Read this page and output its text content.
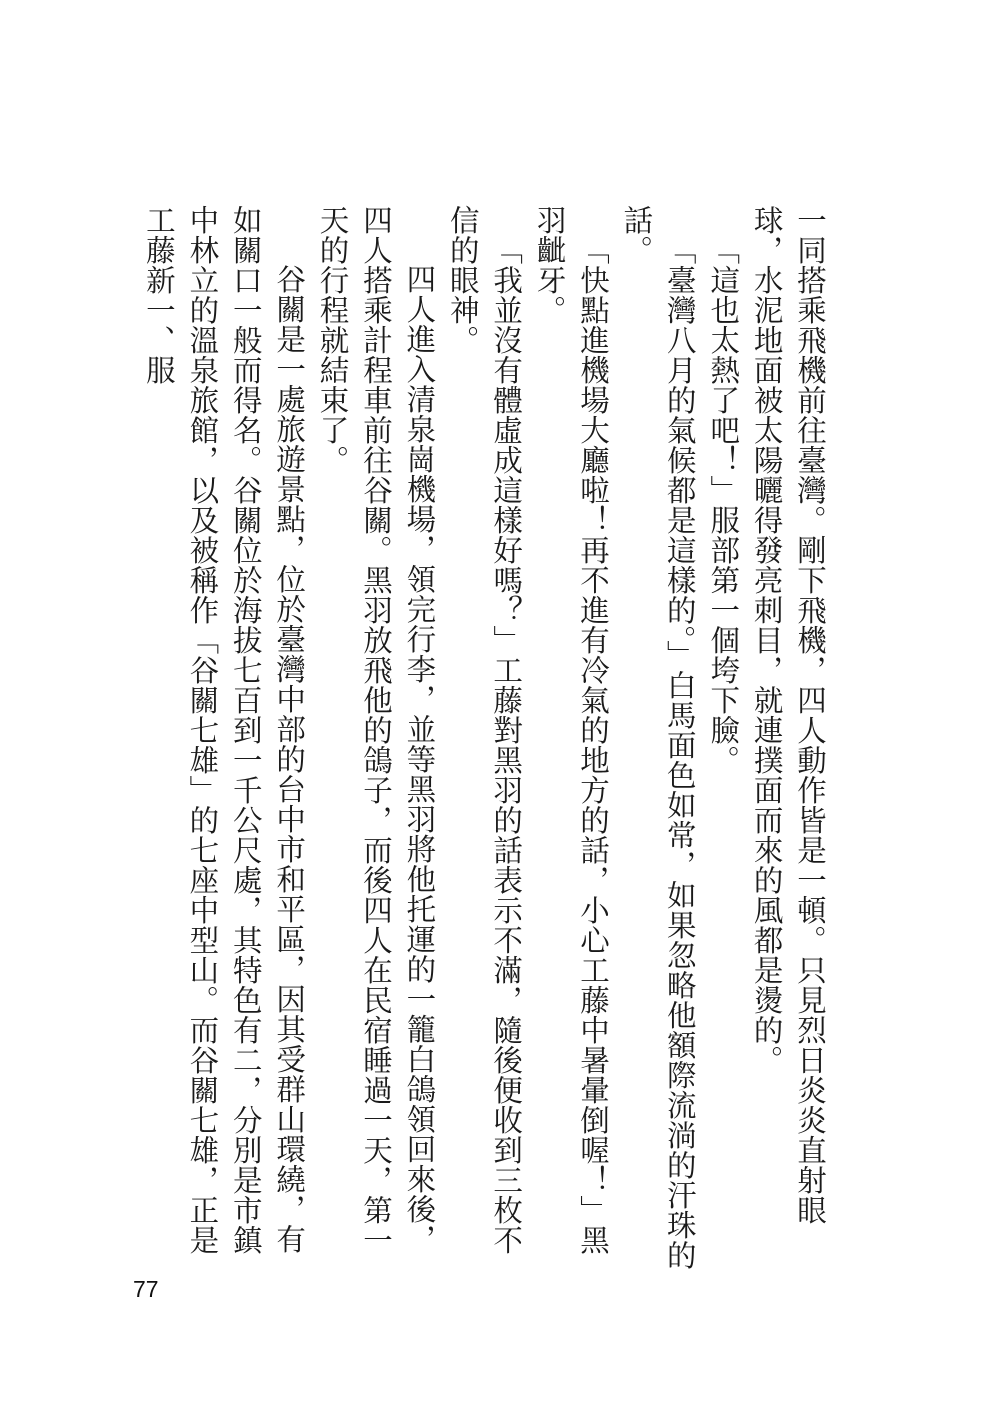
一同搭乘飛機前往臺灣。剛下飛機，四人動作皆是一頓。只見烈日炎炎直射眼球，水泥地面被太陽曬得發亮刺目，就連撲面而來的風都是燙的。

「這也太熱了吧！」服部第一個垮下臉。

「臺灣八月的氣候都是這樣的。」白馬面色如常，如果忽略他額際流淌的汗珠的話。

「快點進機場大廳啦！再不進有冷氣的地方的話，小心工藤中暑暈倒喔！」黑羽齜牙。

「我並沒有體虛成這樣好嗎？」工藤對黑羽的話表示不滿，隨後便收到三枚不信的眼神。

四人進入清泉崗機場，領完行李，並等黑羽將他托運的一籠白鴿領回來後，四人搭乘計程車前往谷關。黑羽放飛他的鴿子，而後四人在民宿睡過一天，第一天的行程就結束了。

谷關是一處旅遊景點，位於臺灣中部的台中市和平區，因其受群山環繞，有如關口一般而得名。谷關位於海拔七百到一千公尺處，其特色有二，分別是市鎮中林立的溫泉旅館，以及被稱作「谷關七雄」的七座中型山。而谷關七雄，正是工藤新一、服

77
